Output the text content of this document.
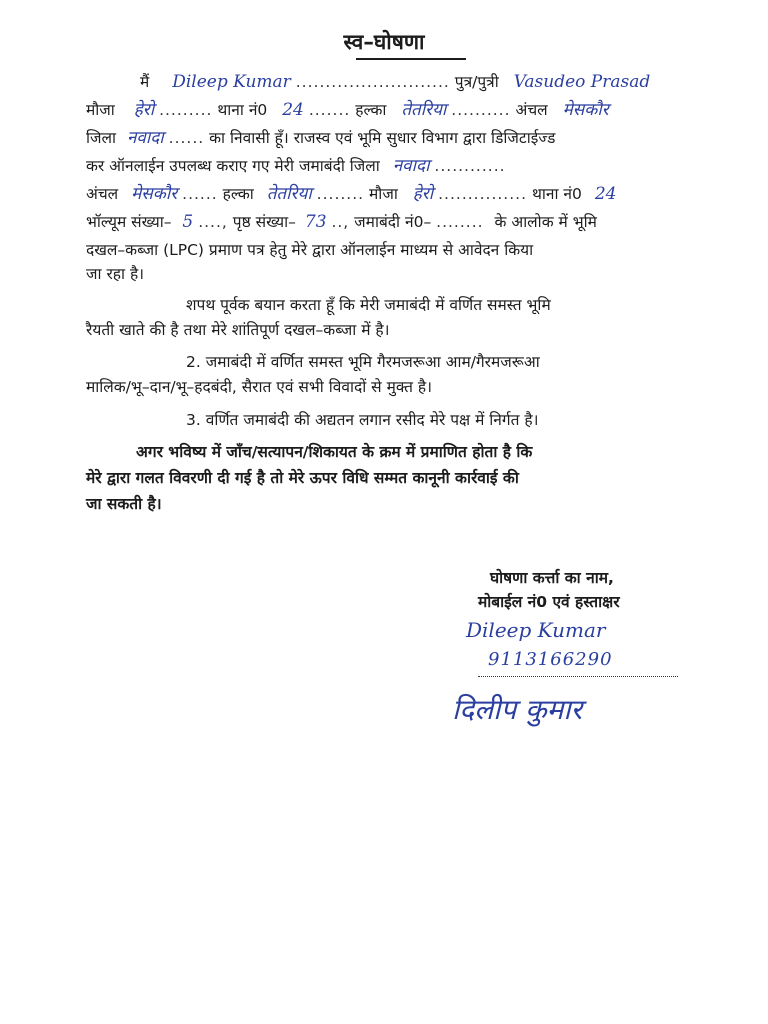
स्व–घोषणा
मैं Dileep Kumar .......................... पुत्र/पुत्री Vasudeo Prasad
मौजा हेरो ......... थाना नं0 24 ....... हल्का तेतरिया .......... अंचल मेसकौर
जिला नवादा ...... का निवासी हूँ। राजस्व एवं भूमि सुधार विभाग द्वारा डिजिटाईज्ड
कर ऑनलाईन उपलब्ध कराए गए मेरी जमाबंदी जिला नवादा ............
अंचल मेसकौर ...... हल्का तेतरिया ........ मौजा हेरो ............... थाना नं0 24
भॉल्यूम संख्या– 5 ...., पृष्ठ संख्या– 73 .., जमाबंदी नं0– ........ के आलोक में भूमि
दखल–कब्जा (LPC) प्रमाण पत्र हेतु मेरे द्वारा ऑनलाईन माध्यम से आवेदन किया
जा रहा है।
शपथ पूर्वक बयान करता हूँ कि मेरी जमाबंदी में वर्णित समस्त भूमि
रैयती खाते की है तथा मेरे शांतिपूर्ण दखल–कब्जा में है।
2. जमाबंदी में वर्णित समस्त भूमि गैरमजरूआ आम/गैरमजरूआ
मालिक/भू–दान/भू–हदबंदी, सैरात एवं सभी विवादों से मुक्त है।
3. वर्णित जमाबंदी की अद्यतन लगान रसीद मेरे पक्ष में निर्गत है।
अगर भविष्य में जाँच/सत्यापन/शिकायत के क्रम में प्रमाणित होता है कि
मेरे द्वारा गलत विवरणी दी गई है तो मेरे ऊपर विधि सम्मत कानूनी कार्रवाई की
जा सकती है।
घोषणा कर्त्ता का नाम,
मोबाईल नं0 एवं हस्ताक्षर
Dileep Kumar
9113166290
दिलीप कुमार
